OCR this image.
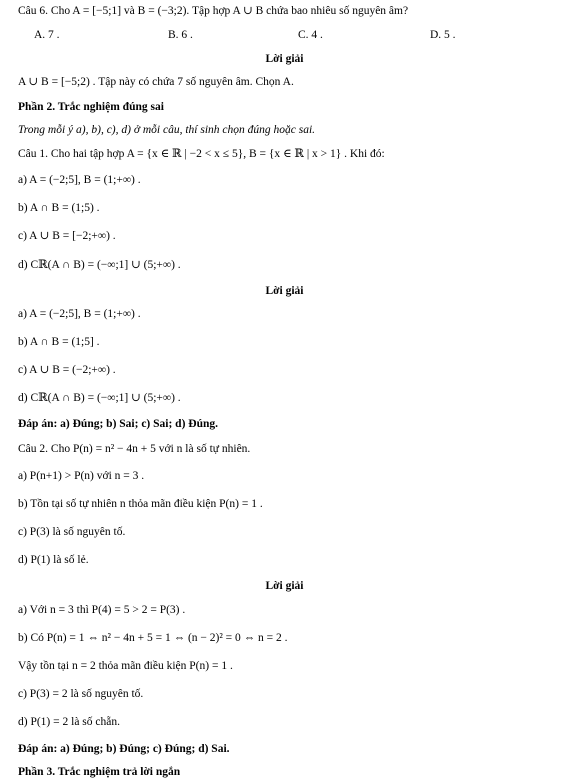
Câu 6. Cho A = [−5;1] và B = (−3;2). Tập hợp A ∪ B chứa bao nhiêu số nguyên âm?
A. 7 .	B. 6 .	C. 4 .	D. 5 .
Lời giải
A ∪ B = [−5;2) . Tập này có chứa 7 số nguyên âm. Chọn A.
Phần 2. Trắc nghiệm đúng sai
Trong mỗi ý a), b), c), d) ở mỗi câu, thí sinh chọn đúng hoặc sai.
Câu 1. Cho hai tập hợp A = {x ∈ ℝ | −2 < x ≤ 5}, B = {x ∈ ℝ | x > 1} . Khi đó:
a) A = (−2;5], B = (1;+∞) .
b) A ∩ B = (1;5) .
c) A ∪ B = [−2;+∞) .
d) Cℝ(A ∩ B) = (−∞;1] ∪ (5;+∞) .
Lời giải
a) A = (−2;5], B = (1;+∞) .
b) A ∩ B = (1;5] .
c) A ∪ B = (−2;+∞) .
d) Cℝ(A ∩ B) = (−∞;1] ∪ (5;+∞) .
Đáp án: a) Đúng; b) Sai; c) Sai; d) Đúng.
Câu 2. Cho P(n) = n² − 4n + 5 với n là số tự nhiên.
a) P(n+1) > P(n) với n = 3 .
b) Tồn tại số tự nhiên n thỏa mãn điều kiện P(n) = 1 .
c) P(3) là số nguyên tố.
d) P(1) là số lẻ.
Lời giải
a) Với n = 3 thì P(4) = 5 > 2 = P(3) .
b) Có P(n) = 1 ⇔ n² − 4n + 5 = 1 ⇔ (n − 2)² = 0 ⇔ n = 2 .
Vậy tồn tại n = 2 thỏa mãn điều kiện P(n) = 1 .
c) P(3) = 2 là số nguyên tố.
d) P(1) = 2 là số chẵn.
Đáp án: a) Đúng; b) Đúng; c) Đúng; d) Sai.
Phần 3. Trắc nghiệm trả lời ngắn
